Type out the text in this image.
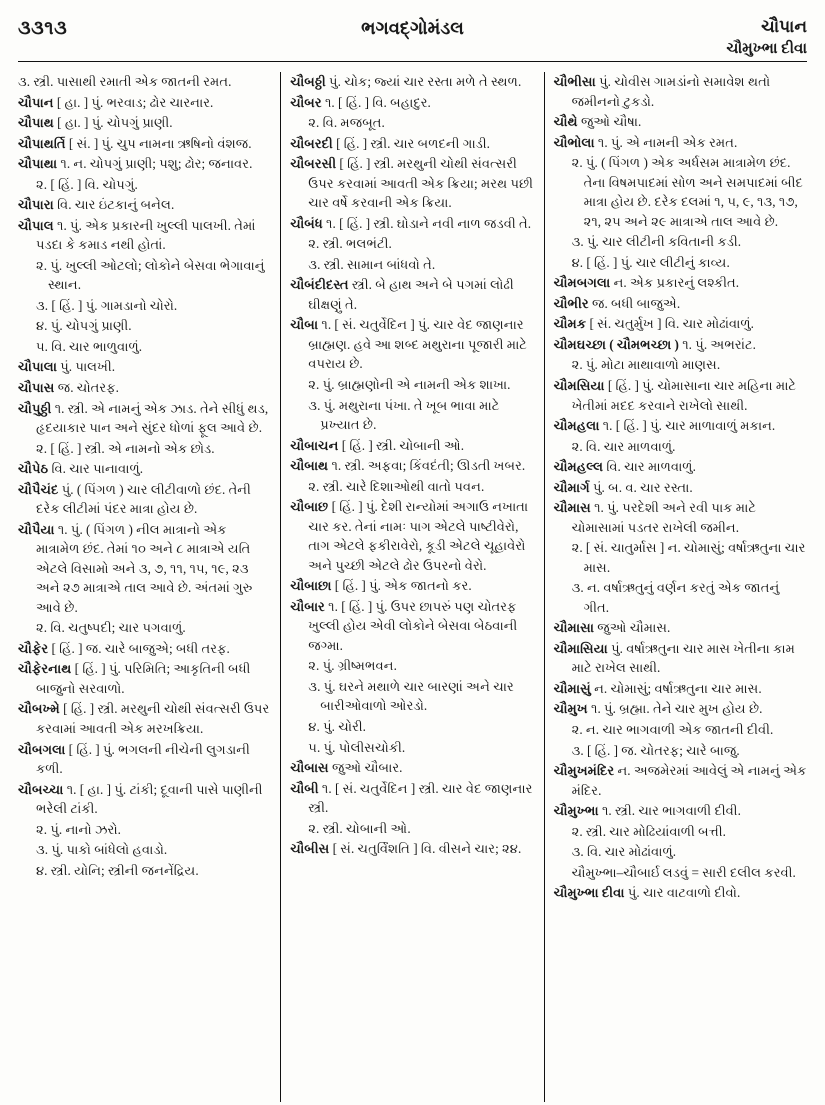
૩૩૧૩	ભગવદ્ગોમંડલ	ચૌપાન
ચૌમુખ્ભા દીવા

૩. સ્ત્રી. પાસાથી રમાતી એક જાતની રમત.

ચૌપાન [ હા. ] પું. ભરવાડ; ઢોર ચારનાર.

ચૌપાથ [ હા. ] પું. ચોપગું પ્રાણી.

ચૌપાથર્તિ [ સં. ] પું. ચુપ નામના ઋષિનો વંશજ.

ચૌપાથા ૧. ન. ચોપગું પ્રાણી; પશુ; ઢોર; જનાવર.

૨. [ હિં. ] વિ. ચોપગું.

ચૌપારા વિ. ચાર ઇંટકાનું બનેલ.

ચૌપાલ ૧. પું. એક પ્રકારની ખુલ્લી પાલખી. તેમાં પડદા કે કમાડ નથી હોતાં.

૨. પું. ખુલ્લી ઓટલો; લોકોને બેસવા ભેગાવાનું સ્થાન.

૩. [ હિં. ] પું. ગામડાનો ચોરો.

૪. પું. ચોપગું પ્રાણી.

૫. વિ. ચાર ભાળુવાળું.

ચૌપાલા પું. પાલખી.

ચૌપાસ જ. ચોતરફ.

ચૌપુઠ્ઠી ૧. સ્ત્રી. એ નામનું એક ઝાડ. તેને સીધું થડ, હૃદયાકાર પાન અને સુંદર ધોળાં ફૂલ આવે છે.

૨. [ હિં. ] સ્ત્રી. એ નામનો એક છોડ.

ચૌપેઠ વિ. ચાર પાનાવાળું.

ચૌપૈચંદ પું. ( પિંગળ ) ચાર લીટીવાળો છંદ. તેની દરેક લીટીમાં પંદર માત્રા હોય છે.

ચૌપૈયા ૧. પું. ( પિંગળ ) નીલ માત્રાનો એક માત્રામેળ છંદ. તેમાં ૧૦ અને ૮ માત્રાએ યતિ એટલે વિસામો અને ૩, ૭, ૧૧, ૧૫, ૧૯, ૨૩ અને ૨૭ માત્રાએ તાલ આવે છે. અંતમાં ગુરુ આવે છે.

૨. વિ. ચતુષ્પદી; ચાર પગવાળું.

ચૌફેર [ હિં. ] જ. ચારે બાજુએ; બધી તરફ.

ચૌફેરનાથ [ હિં. ] પું. પરિમિતિ; આકૃતિની બધી બાજુનો સરવાળો.

ચૌબખ્મે [ હિં. ] સ્ત્રી. મરથુની ચોથી સંવત્સરી ઉપર કરવામાં આવતી એક મરખક્રિયા.

ચૌબગલા [ હિં. ] પું. ભગલની નીચેની લુગડાની કળી.

ચૌબચ્ચા ૧. [ હા. ] પું. ટાંકી; દૂવાની પાસે પાણીની ભરેલી ટાંકી.

૨. પું. નાનો ઝરો.

૩. પું. પાકો બાંધેલો હવાડો.

૪. સ્ત્રી. યોનિ; સ્ત્રીની જનનેંદ્રિય.

ચૌબઠ્ઠી પું. ચોક; જ્યાં ચાર રસ્તા મળે તે સ્થળ.

ચૌબર ૧. [ હિં. ] વિ. બહાદુર.

૨. વિ. મજબૂત.

ચૌબરદી [ હિં. ] સ્ત્રી. ચાર બળદની ગાડી.

ચૌબરસી [ હિં. ] સ્ત્રી. મરથુની ચોથી સંવત્સરી ઉપર કરવામાં આવતી એક ક્રિયા; મરથ પછી ચાર વર્ષે કરવાની એક ક્રિયા.

ચૌબંધ ૧. [ હિં. ] સ્ત્રી. ઘોડાને નવી નાળ જડવી તે.

૨. સ્ત્રી. ભલભંટી.

૩. સ્ત્રી. સામાન બાંધવો તે.

ચૌબંદીદસ્ત સ્ત્રી. બે હાથ અને બે પગમાં લોઢી ઘીક્ષણું તે.

ચૌબા ૧. [ સં. ચતુર્વેદિન ] પું. ચાર વેદ જાણનાર બ્રાહ્મણ. હવે આ શબ્દ મથુરાના પૂજારી માટે વપરાય છે.

૨. પું. બ્રાહ્મણોની એ નામની એક શાખા.

૩. પું. મથુરાના પંખા. તે ખૂબ ભાવા માટે પ્રખ્યાત છે.

ચૌબાચન [ હિં. ] સ્ત્રી. ચોબાની ઓ.

ચૌબાથ ૧. સ્ત્રી. અફવા; કિંવદંતી; ઊડતી ખબર.

૨. સ્ત્રી. ચારે દિશાઓથી વાતો પવન.

ચૌબાછ [ હિં. ] પું. દેશી રાન્યોમાં અગાઉ નખાતા ચાર કર. તેનાં નામઃ પાગ એટલે પાષ્ટીવેરો, તાગ એટલે ફકીરાવેરો, કૂડી એટલે ચૂહાવેરો અને પુચ્છી એટલે ઢોર ઉપરનો વેરો.

ચૌબાછા [ હિં. ] પું. એક જાતનો કર.

ચૌબાર ૧. [ હિં. ] પું. ઉપર છાપરું પણ ચોતરફ ખુલ્લી હોય એવી લોકોને બેસવા બેઠવાની જગ્મા.

૨. પું. ગ્રીષ્મભવન.

૩. પું. ઘરને મથાળે ચાર બારણાં અને ચાર બારીઓવાળો ઓરડો.

૪. પું. ચોરી.

૫. પું. પોલીસચોકી.

ચૌબાસ જુઓ ચૌબાર.

ચૌબી ૧. [ સં. ચતુર્વેદિન ] સ્ત્રી. ચાર વેદ જાણનાર સ્ત્રી.

૨. સ્ત્રી. ચોબાની ઓ.

ચૌબીસ [ સં. ચતુર્વિંશતિ ] વિ. વીસને ચાર; ૨૪.

ચૌભીસા પું. ચોવીસ ગામડાંનો સમાવેશ થતો જમીનનો ટુકડો.

ચૌથે જુઓ ચૌષા.

ચૌભોલા ૧. પું. એ નામની એક રમત.

૨. પું. ( પિંગળ ) એક અર્ધસમ માત્રામેળ છંદ. તેના વિષમપાદમાં સોળ અને સમપાદમાં બીદ માત્રા હોય છે. દરેક દલમાં ૧, ૫, ૯, ૧૩, ૧૭, ૨૧, ૨૫ અને ૨૯ માત્રાએ તાલ આવે છે.

૩. પું. ચાર લીટીની કવિતાની કડી.

૪. [ હિં. ] પું. ચાર લીટીનું કાવ્ય.

ચૌમબગલા ન. એક પ્રકારનું લશ્કીત.

ચૌભીર જ. બધી બાજુએ.

ચૌમક [ સં. ચતુર્મુખ ] વિ. ચાર મોઢાંવાળું.

ચૌમઘચ્છા ( ચૌમભચ્છા ) ૧. પું. અભરાંટ.

૨. પું. મોટા માથાવાળો માણસ.

ચૌમસિયા [ હિં. ] પું. ચોમાસાના ચાર મહિના માટે ખેતીમાં મદદ કરવાને રાખેલો સાથી.

ચૌમહલા ૧. [ હિં. ] પું. ચાર માળાવાળું મકાન.

૨. વિ. ચાર માળવાળું.

ચૌમહલ્લ વિ. ચાર માળવાળું.

ચૌમાર્ગ પું. બ. વ. ચાર રસ્તા.

ચૌમાસ ૧. પું. પરદેશી અને રવી પાક માટે ચોમાસામાં પડતર રાખેલી જમીન.

૨. [ સં. ચાતુર્માસ ] ન. ચોમાસું; વર્ષાઋતુના ચાર માસ.

૩. ન. વર્ષાઋતુનું વર્ણન કરતું એક જાતનું ગીત.

ચૌમાસા જુઓ ચૌમાસ.

ચૌમાસિયા પું. વર્ષાઋતુના ચાર માસ ખેતીના કામ માટે રાખેલ સાથી.

ચૌમાસું ન. ચોમાસું; વર્ષાઋતુના ચાર માસ.

ચૌમુખ ૧. પું. બ્રહ્મા. તેને ચાર મુખ હોય છે.

૨. ન. ચાર ભાગવાળી એક જાતની દીવી.

૩. [ હિં. ] જ. ચોતરફ; ચારે બાજુ.

ચૌમુખમંદિર ન. અજમેરમાં આવેલું એ નામનું એક મંદિર.

ચૌમુખ્ભા ૧. સ્ત્રી. ચાર ભાગવાળી દીવી.

૨. સ્ત્રી. ચાર મોઢિયાંવાળી બત્તી.

૩. વિ. ચાર મોઢાંવાળું.

ચૌમુખ્ભા–ચૌબાર્ઇ લડવું = સારી દલીલ કરવી.

ચૌમુખ્ભા દીવા પું. ચાર વાટવાળો દીવો.
